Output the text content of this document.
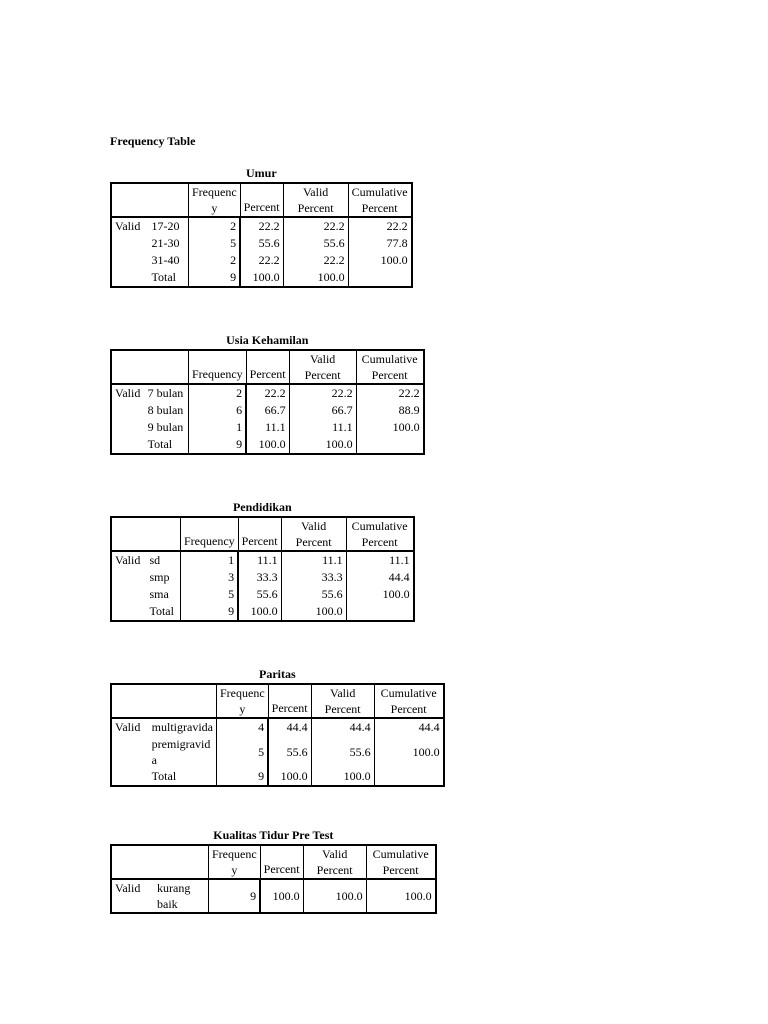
Frequency Table
Umur
		Frequenc y	Percent	Valid Percent	Cumulative Percent
Valid	17-20	2	22.2	22.2	22.2
	21-30	5	55.6	55.6	77.8
	31-40	2	22.2	22.2	100.0
	Total	9	100.0	100.0	
Usia Kehamilan
		Frequency	Percent	Valid Percent	Cumulative Percent
Valid	7 bulan	2	22.2	22.2	22.2
	8 bulan	6	66.7	66.7	88.9
	9 bulan	1	11.1	11.1	100.0
	Total	9	100.0	100.0	
Pendidikan
		Frequency	Percent	Valid Percent	Cumulative Percent
Valid	sd	1	11.1	11.1	11.1
	smp	3	33.3	33.3	44.4
	sma	5	55.6	55.6	100.0
	Total	9	100.0	100.0	
Paritas
		Frequenc y	Percent	Valid Percent	Cumulative Percent
Valid	multigravida	4	44.4	44.4	44.4
	premigravid a	5	55.6	55.6	100.0
	Total	9	100.0	100.0	
Kualitas Tidur Pre Test
		Frequenc y	Percent	Valid Percent	Cumulative Percent
Valid	kurang baik	9	100.0	100.0	100.0
